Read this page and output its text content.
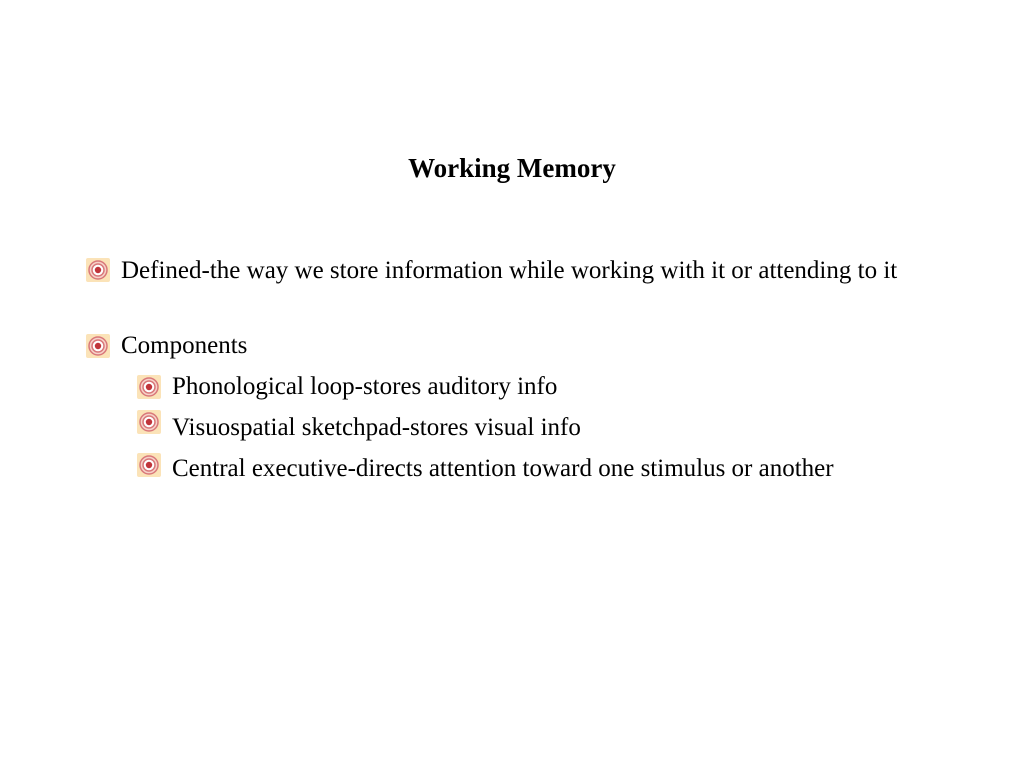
Working Memory
Defined-the way we store information while working with it or attending to it
Components
Phonological loop-stores auditory info
Visuospatial sketchpad-stores visual info
Central executive-directs attention toward one stimulus or another
